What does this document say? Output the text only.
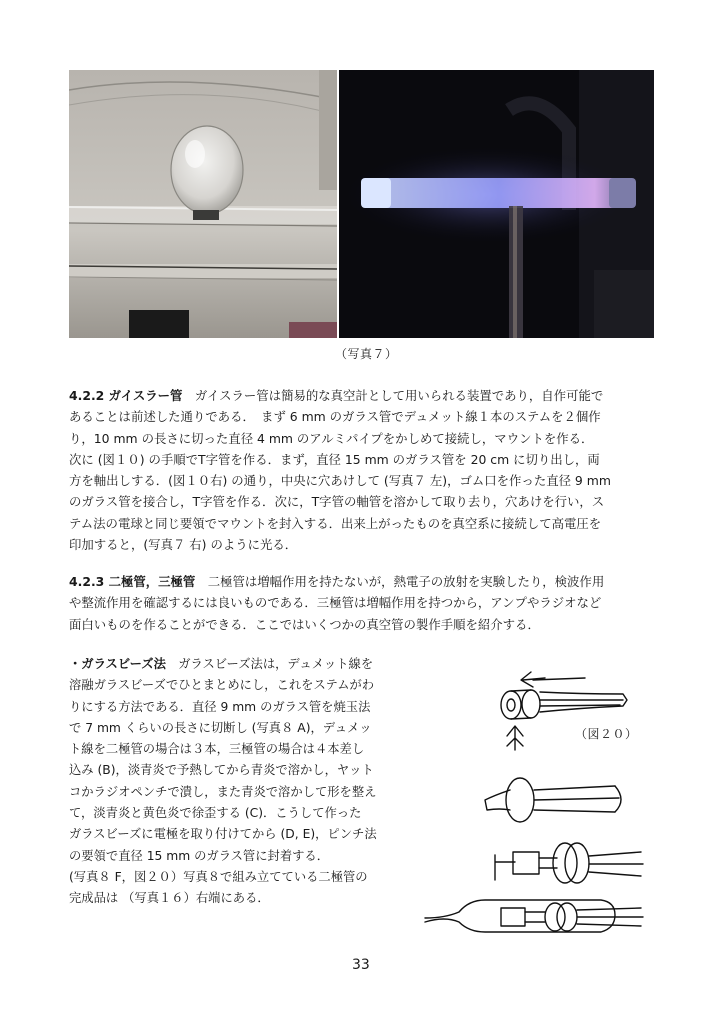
（写真７）
4.2.2 ガイスラー管　 ガイスラー管は簡易的な真空計として用いられる装置であり，自作可能で
あることは前述した通りである．　まず 6 mm のガラス管でデュメット線１本のステムを２個作
り，10 mm の長さに切った直径 4 mm のアルミパイプをかしめて接続し，マウントを作る．
次に (図１０) の手順でT字管を作る．まず，直径 15 mm のガラス管を 20 cm に切り出し，両
方を軸出しする．(図１０右) の通り，中央に穴あけして (写真７ 左)，ゴム口を作った直径 9 mm
のガラス管を接合し，T字管を作る．次に，T字管の軸管を溶かして取り去り，穴あけを行い，ス
テム法の電球と同じ要領でマウントを封入する．出来上がったものを真空系に接続して高電圧を
印加すると，(写真７ 右) のように光る．
4.2.3 二極管，三極管　 二極管は増幅作用を持たないが，熱電子の放射を実験したり，検波作用
や整流作用を確認するには良いものである．三極管は増幅作用を持つから，アンプやラジオなど
面白いものを作ることができる．ここではいくつかの真空管の製作手順を紹介する．
・ガラスビーズ法　 ガラスビーズ法は，デュメット線を
溶融ガラスビーズでひとまとめにし，これをステムがわ
りにする方法である．直径 9 mm のガラス管を焼玉法
で 7 mm くらいの長さに切断し (写真８ A)，デュメッ
ト線を二極管の場合は３本，三極管の場合は４本差し
込み (B)，淡青炎で予熱してから青炎で溶かし，ヤット
コかラジオペンチで潰し，また青炎で溶かして形を整え
て，淡青炎と黄色炎で徐歪する (C)．こうして作った
ガラスビーズに電極を取り付けてから (D, E)，ピンチ法
の要領で直径 15 mm のガラス管に封着する．
(写真８ F，図２０）写真８で組み立てている二極管の
完成品は （写真１６）右端にある．
（図２０）
33
